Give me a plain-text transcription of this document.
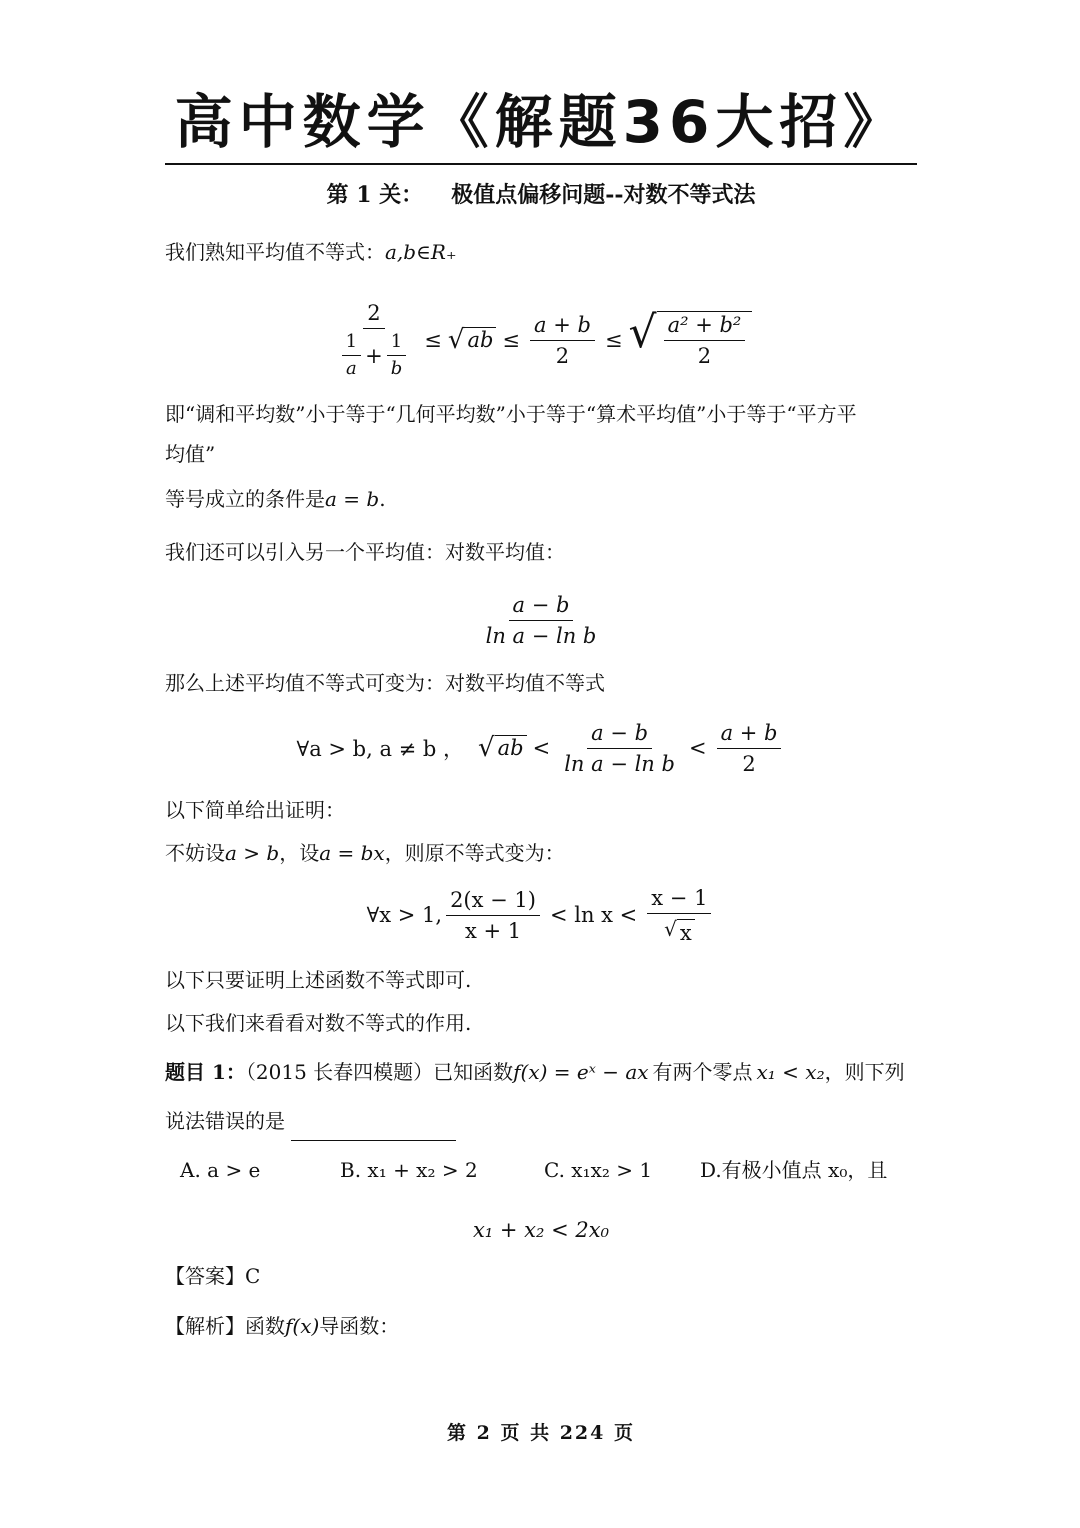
高中数学《解题36大招》
第 1 关： 极值点偏移问题--对数不等式法
我们熟知平均值不等式：a,b∈R₊
2
$\frac{1}{a} + \frac{1}{b}$ ≤ √ ab ≤ $\frac{a + b}{2}$ ≤ √ $\frac{\text{a² + b²}}{2}$
即“调和平均数”小于等于“几何平均数”小于等于“算术平均值”小于等于“平方平
均值”
等号成立的条件是a = b.
我们还可以引入另一个平均值：对数平均值：
$\frac{a - b}{\text{ln a − ln b}}$
那么上述平均值不等式可变为：对数平均值不等式
∀a > b, a ≠ b ， √ ab < $\frac{a - b}{\text{ln a − ln b}} < \frac{a + b}{2}$
以下简单给出证明：
不妨设a > b，设a = bx，则原不等式变为：
∀x > 1, $\frac{2(x - 1)}{x + 1} < \ln x < \frac{x - 1}{√ x}$
以下只要证明上述函数不等式即可.
以下我们来看看对数不等式的作用.
题目 1：（2015 长春四模题）已知函数f(x) = eˣ − ax 有两个零点 x₁ < x₂，则下列
说法错误的是
A. a > e	B. x₁ + x₂ > 2	C. x₁x₂ > 1 D.有极小值点 x₀，且
x₁ + x₂ < 2x₀
【答案】C
【解析】函数f(x)导函数：
第 2 页 共 224 页
